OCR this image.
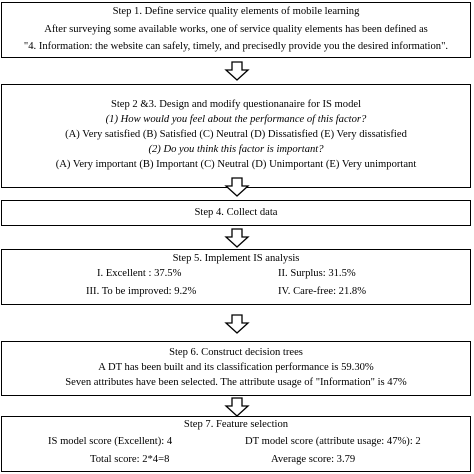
Step 1. Define service quality elements of mobile learning
After surveying some available works, one of service quality elements has been defined as
"4. Information: the website can safely, timely, and precisedly provide you the desired information".
Step 2 &3. Design and modify questionanaire for IS model
(1) How would you feel about the performance of this factor?
(A) Very satisfied (B) Satisfied (C) Neutral (D) Dissatisfied (E) Very dissatisfied
(2) Do you think this factor is important?
(A) Very important (B) Important (C) Neutral (D) Unimportant (E) Very unimportant
Step 4. Collect data
Step 5. Implement IS analysis
I. Excellent : 37.5%	II. Surplus: 31.5%
III. To be improved: 9.2%	IV. Care-free: 21.8%
Step 6. Construct decision trees
A DT has been built and its classification performance is 59.30%
Seven attributes have been selected. The attribute usage of "Information" is 47%
Step 7. Feature selection
IS model score (Excellent): 4	DT model score (attribute usage: 47%): 2
Total score: 2*4=8	Average score: 3.79
